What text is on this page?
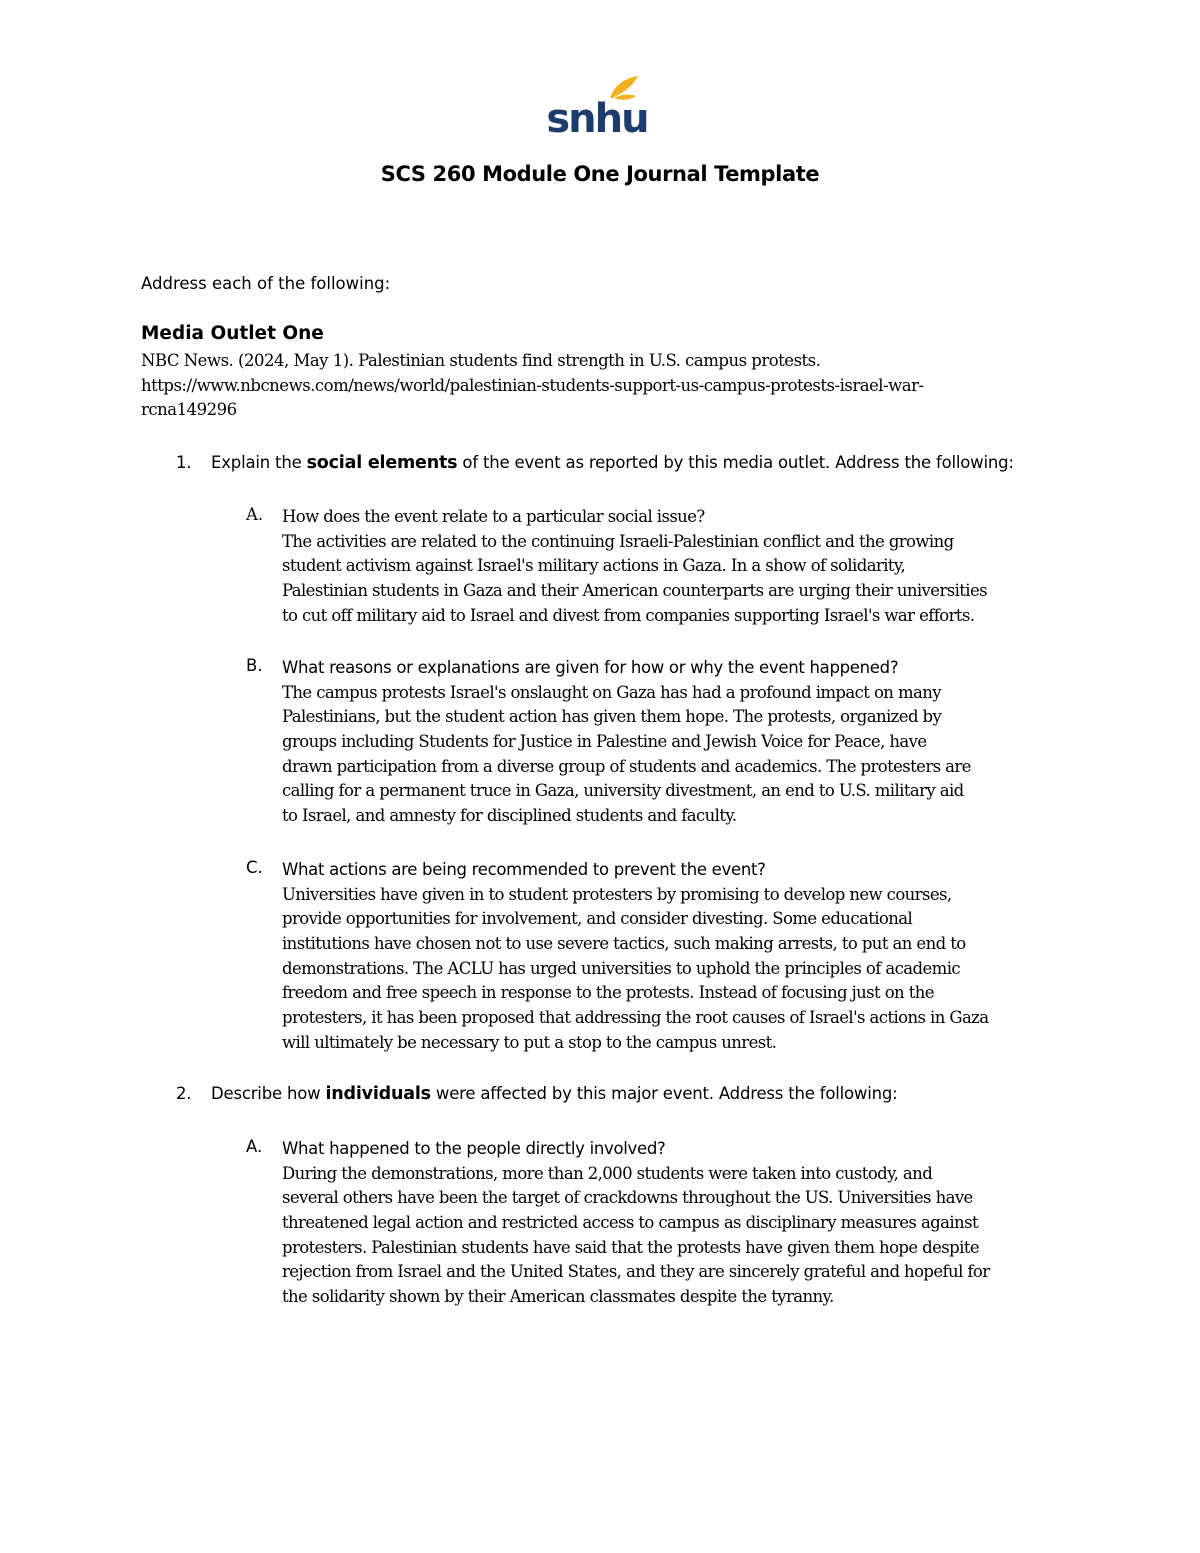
snhu
SCS 260 Module One Journal Template
Address each of the following:
Media Outlet One
NBC News. (2024, May 1). Palestinian students find strength in U.S. campus protests.
https://www.nbcnews.com/news/world/palestinian-students-support-us-campus-protests-israel-war-
rcna149296
1. Explain the social elements of the event as reported by this media outlet. Address the following:
A. How does the event relate to a particular social issue?
The activities are related to the continuing Israeli-Palestinian conflict and the growing
student activism against Israel's military actions in Gaza. In a show of solidarity,
Palestinian students in Gaza and their American counterparts are urging their universities
to cut off military aid to Israel and divest from companies supporting Israel's war efforts.
B. What reasons or explanations are given for how or why the event happened?
The campus protests Israel's onslaught on Gaza has had a profound impact on many
Palestinians, but the student action has given them hope. The protests, organized by
groups including Students for Justice in Palestine and Jewish Voice for Peace, have
drawn participation from a diverse group of students and academics. The protesters are
calling for a permanent truce in Gaza, university divestment, an end to U.S. military aid
to Israel, and amnesty for disciplined students and faculty.
C. What actions are being recommended to prevent the event?
Universities have given in to student protesters by promising to develop new courses,
provide opportunities for involvement, and consider divesting. Some educational
institutions have chosen not to use severe tactics, such making arrests, to put an end to
demonstrations. The ACLU has urged universities to uphold the principles of academic
freedom and free speech in response to the protests. Instead of focusing just on the
protesters, it has been proposed that addressing the root causes of Israel's actions in Gaza
will ultimately be necessary to put a stop to the campus unrest.
2. Describe how individuals were affected by this major event. Address the following:
A. What happened to the people directly involved?
During the demonstrations, more than 2,000 students were taken into custody, and
several others have been the target of crackdowns throughout the US. Universities have
threatened legal action and restricted access to campus as disciplinary measures against
protesters. Palestinian students have said that the protests have given them hope despite
rejection from Israel and the United States, and they are sincerely grateful and hopeful for
the solidarity shown by their American classmates despite the tyranny.
